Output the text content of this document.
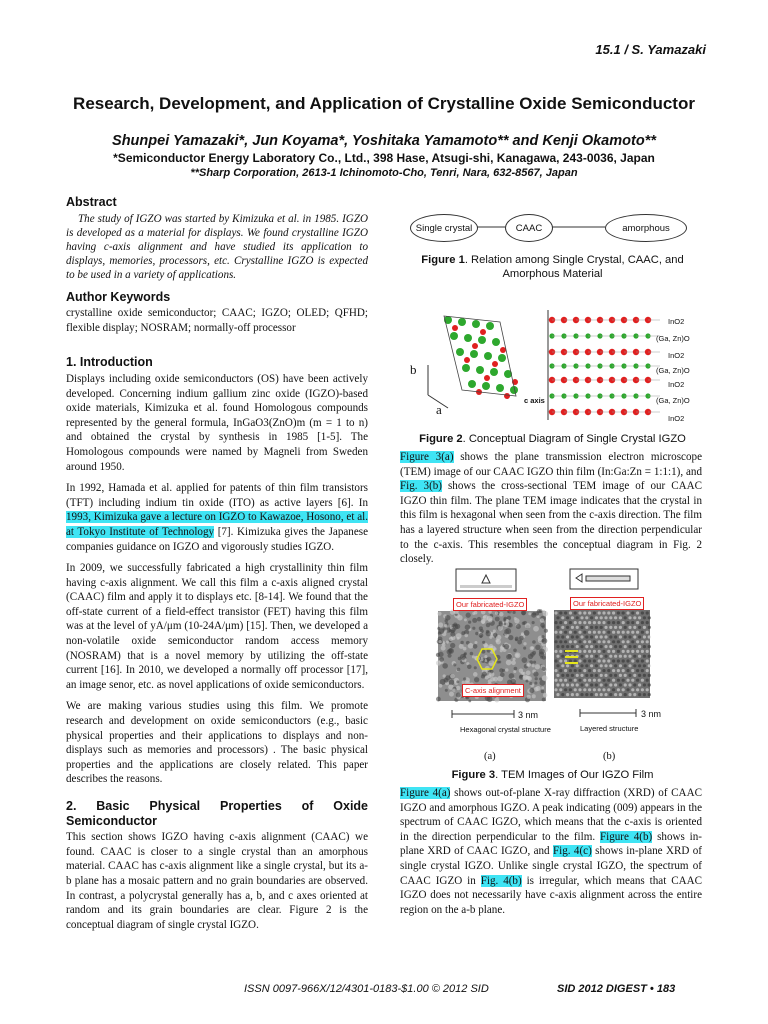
15.1 / S. Yamazaki
Research, Development, and Application of Crystalline Oxide Semiconductor
Shunpei Yamazaki*, Jun Koyama*, Yoshitaka Yamamoto** and Kenji Okamoto**
*Semiconductor Energy Laboratory Co., Ltd., 398 Hase, Atsugi-shi, Kanagawa, 243-0036, Japan
**Sharp Corporation, 2613-1 Ichinomoto-Cho, Tenri, Nara, 632-8567, Japan
Abstract

The study of IGZO was started by Kimizuka et al. in 1985. IGZO is developed as a material for displays. We found crystalline IGZO having c-axis alignment and have studied its application to displays, memories, processors, etc. Crystalline IGZO is expected to be used in a variety of applications.

Author Keywords

crystalline oxide semiconductor; CAAC; IGZO; OLED; QFHD; flexible display; NOSRAM; normally-off processor

1. Introduction

Displays including oxide semiconductors (OS) have been actively developed. Concerning indium gallium zinc oxide (IGZO)-based oxide materials, Kimizuka et al. found Homologous compounds represented by the general formula, InGaO3(ZnO)m (m = 1 to n) and obtained the crystal by synthesis in 1985 [1-5]. The Homologous compounds were named by Magneli from Sweden around 1950.

In 1992, Hamada et al. applied for patents of thin film transistors (TFT) including indium tin oxide (ITO) as active layers [6]. In 1993, Kimizuka gave a lecture on IGZO to Kawazoe, Hosono, et al. at Tokyo Institute of Technology [7]. Kimizuka gives the Japanese companies guidance on IGZO and vigorously studies IGZO.

In 2009, we successfully fabricated a high crystallinity thin film having c-axis alignment. We call this film a c-axis aligned crystal (CAAC) film and apply it to displays etc. [8-14]. We found that the off-state current of a field-effect transistor (FET) having this film was at the level of yA/μm (10-24A/μm) [15]. Then, we developed a non-volatile oxide semiconductor random access memory (NOSRAM) that is a novel memory by utilizing the off-state current [16]. In 2010, we developed a normally off processor [17], an image senor, etc. as novel applications of oxide semiconductors.

We are making various studies using this film. We promote research and development on oxide semiconductors (e.g., basic physical properties and their applications to displays and non-displays such as memories and processors) . The basic physical properties and the applications are closely related. This paper describes the reasons.

2. Basic Physical Properties of Oxide Semiconductor

This section shows IGZO having c-axis alignment (CAAC) we found. CAAC is closer to a single crystal than an amorphous material. CAAC has c-axis alignment like a single crystal, but its a-b plane has a mosaic pattern and no grain boundaries are observed. In contrast, a polycrystal generally has a, b, and c axes oriented at random and its grain boundaries are clear. Figure 2 is the conceptual diagram of single crystal IGZO.

Single crystal	CAAC	amorphous
Figure 1. Relation among Single Crystal, CAAC, and Amorphous Material
b
a
c axis
InO2
(Ga, Zn)O
InO2
(Ga, Zn)O
InO2
(Ga, Zn)O
InO2
Figure 2. Conceptual Diagram of Single Crystal IGZO

Figure 3(a) shows the plane transmission electron microscope (TEM) image of our CAAC IGZO thin film (In:Ga:Zn = 1:1:1), and Fig. 3(b) shows the cross-sectional TEM image of our CAAC IGZO thin film. The plane TEM image indicates that the crystal in this film is hexagonal when seen from the c-axis direction. The film has a layered structure when seen from the direction perpendicular to the c-axis. This resembles the conceptual diagram in Fig. 2 closely.

Our fabricated-IGZO	Our fabricated-IGZO
C-axis alignment
3 nm	3 nm
Hexagonal crystal structure	Layered structure
(a)	(b)
Figure 3. TEM Images of Our IGZO Film

Figure 4(a) shows out-of-plane X-ray diffraction (XRD) of CAAC IGZO and amorphous IGZO. A peak indicating (009) appears in the spectrum of CAAC IGZO, which means that the c-axis is oriented in the direction perpendicular to the film. Figure 4(b) shows in-plane XRD of CAAC IGZO, and Fig. 4(c) shows in-plane XRD of single crystal IGZO. Unlike single crystal IGZO, the spectrum of CAAC IGZO in Fig. 4(b) is irregular, which means that CAAC IGZO does not necessarily have c-axis alignment across the entire region on the a-b plane.

ISSN 0097-966X/12/4301-0183-$1.00 © 2012 SID	SID 2012 DIGEST • 183
